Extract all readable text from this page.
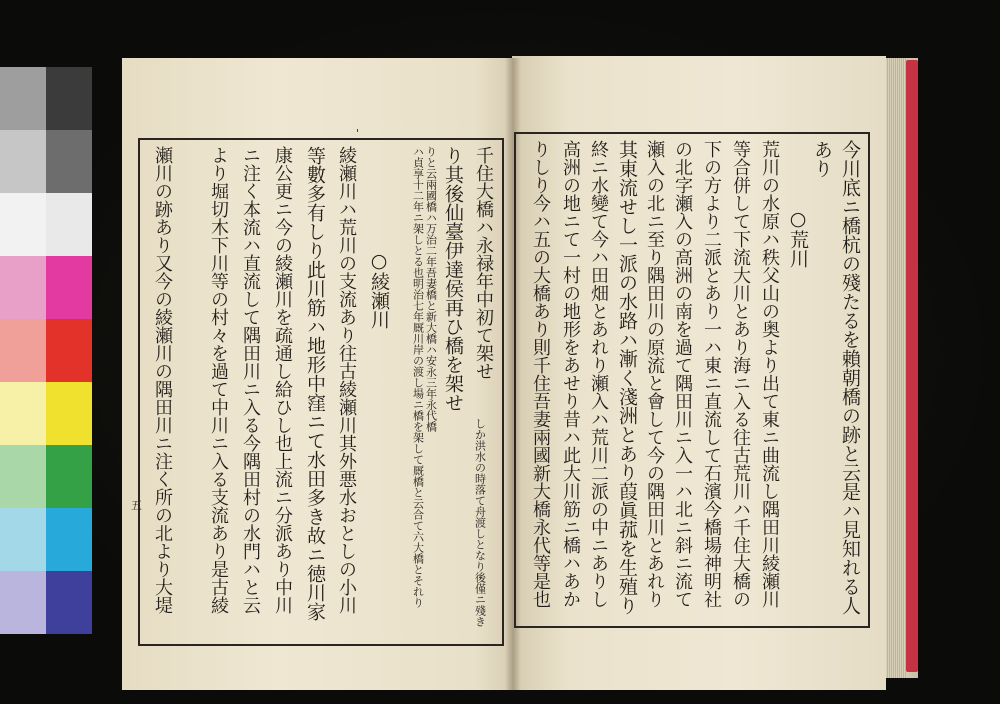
五
'
千住大橋ハ永禄年中初て架せ
しか洪水の時落て舟渡しとなり後僅ニ殘き
り其後仙臺伊達侯再ひ橋を架せ
りと云兩國橋ハ万治二年吾妻橋と新大橋ハ安永三年永代橋
ハ貞享十二年ニ架しとる也明治七年厩川岸の渡し場ニ橋を架して厩橋と云合て六大橋とそれり
○綾瀬川
綾瀬川ハ荒川の支流あり往古綾瀬川其外悪水おとしの小川
等數多有しり此川筋ハ地形中窪ニて水田多き故ニ徳川家
康公更ニ今の綾瀬川を疏通し給ひし也上流ニ分派あり中川
ニ注く本流ハ直流して隅田川ニ入る今隅田村の水門ハと云
より堀切木下川等の村々を過て中川ニ入る支流あり是古綾
瀬川の跡あり又今の綾瀬川の隅田川ニ注く所の北より大堤	今川底ニ橋杭の殘たるを賴朝橋の跡と云是ハ見知れる人
あり
○荒川
荒川の水原ハ秩父山の奥より出て東ニ曲流し隅田川綾瀬川
等合併して下流大川とあり海ニ入る往古荒川ハ千住大橋の
下の方より二派とあり一ハ東ニ直流して石濱今橋場神明社
の北字瀬入の高洲の南を過て隅田川ニ入一ハ北ニ斜ニ流て
瀬入の北ニ至り隅田川の原流と會して今の隅田川とあれり
其東流せし一派の水路ハ漸く淺洲とあり葭眞菰を生殖り
終ニ水變て今ハ田畑とあれり瀬入ハ荒川二派の中ニありし
高洲の地ニて一村の地形をあせり昔ハ此大川筋ニ橋ハあか
りしり今ハ五の大橋あり則千住吾妻兩國新大橋永代等是也
